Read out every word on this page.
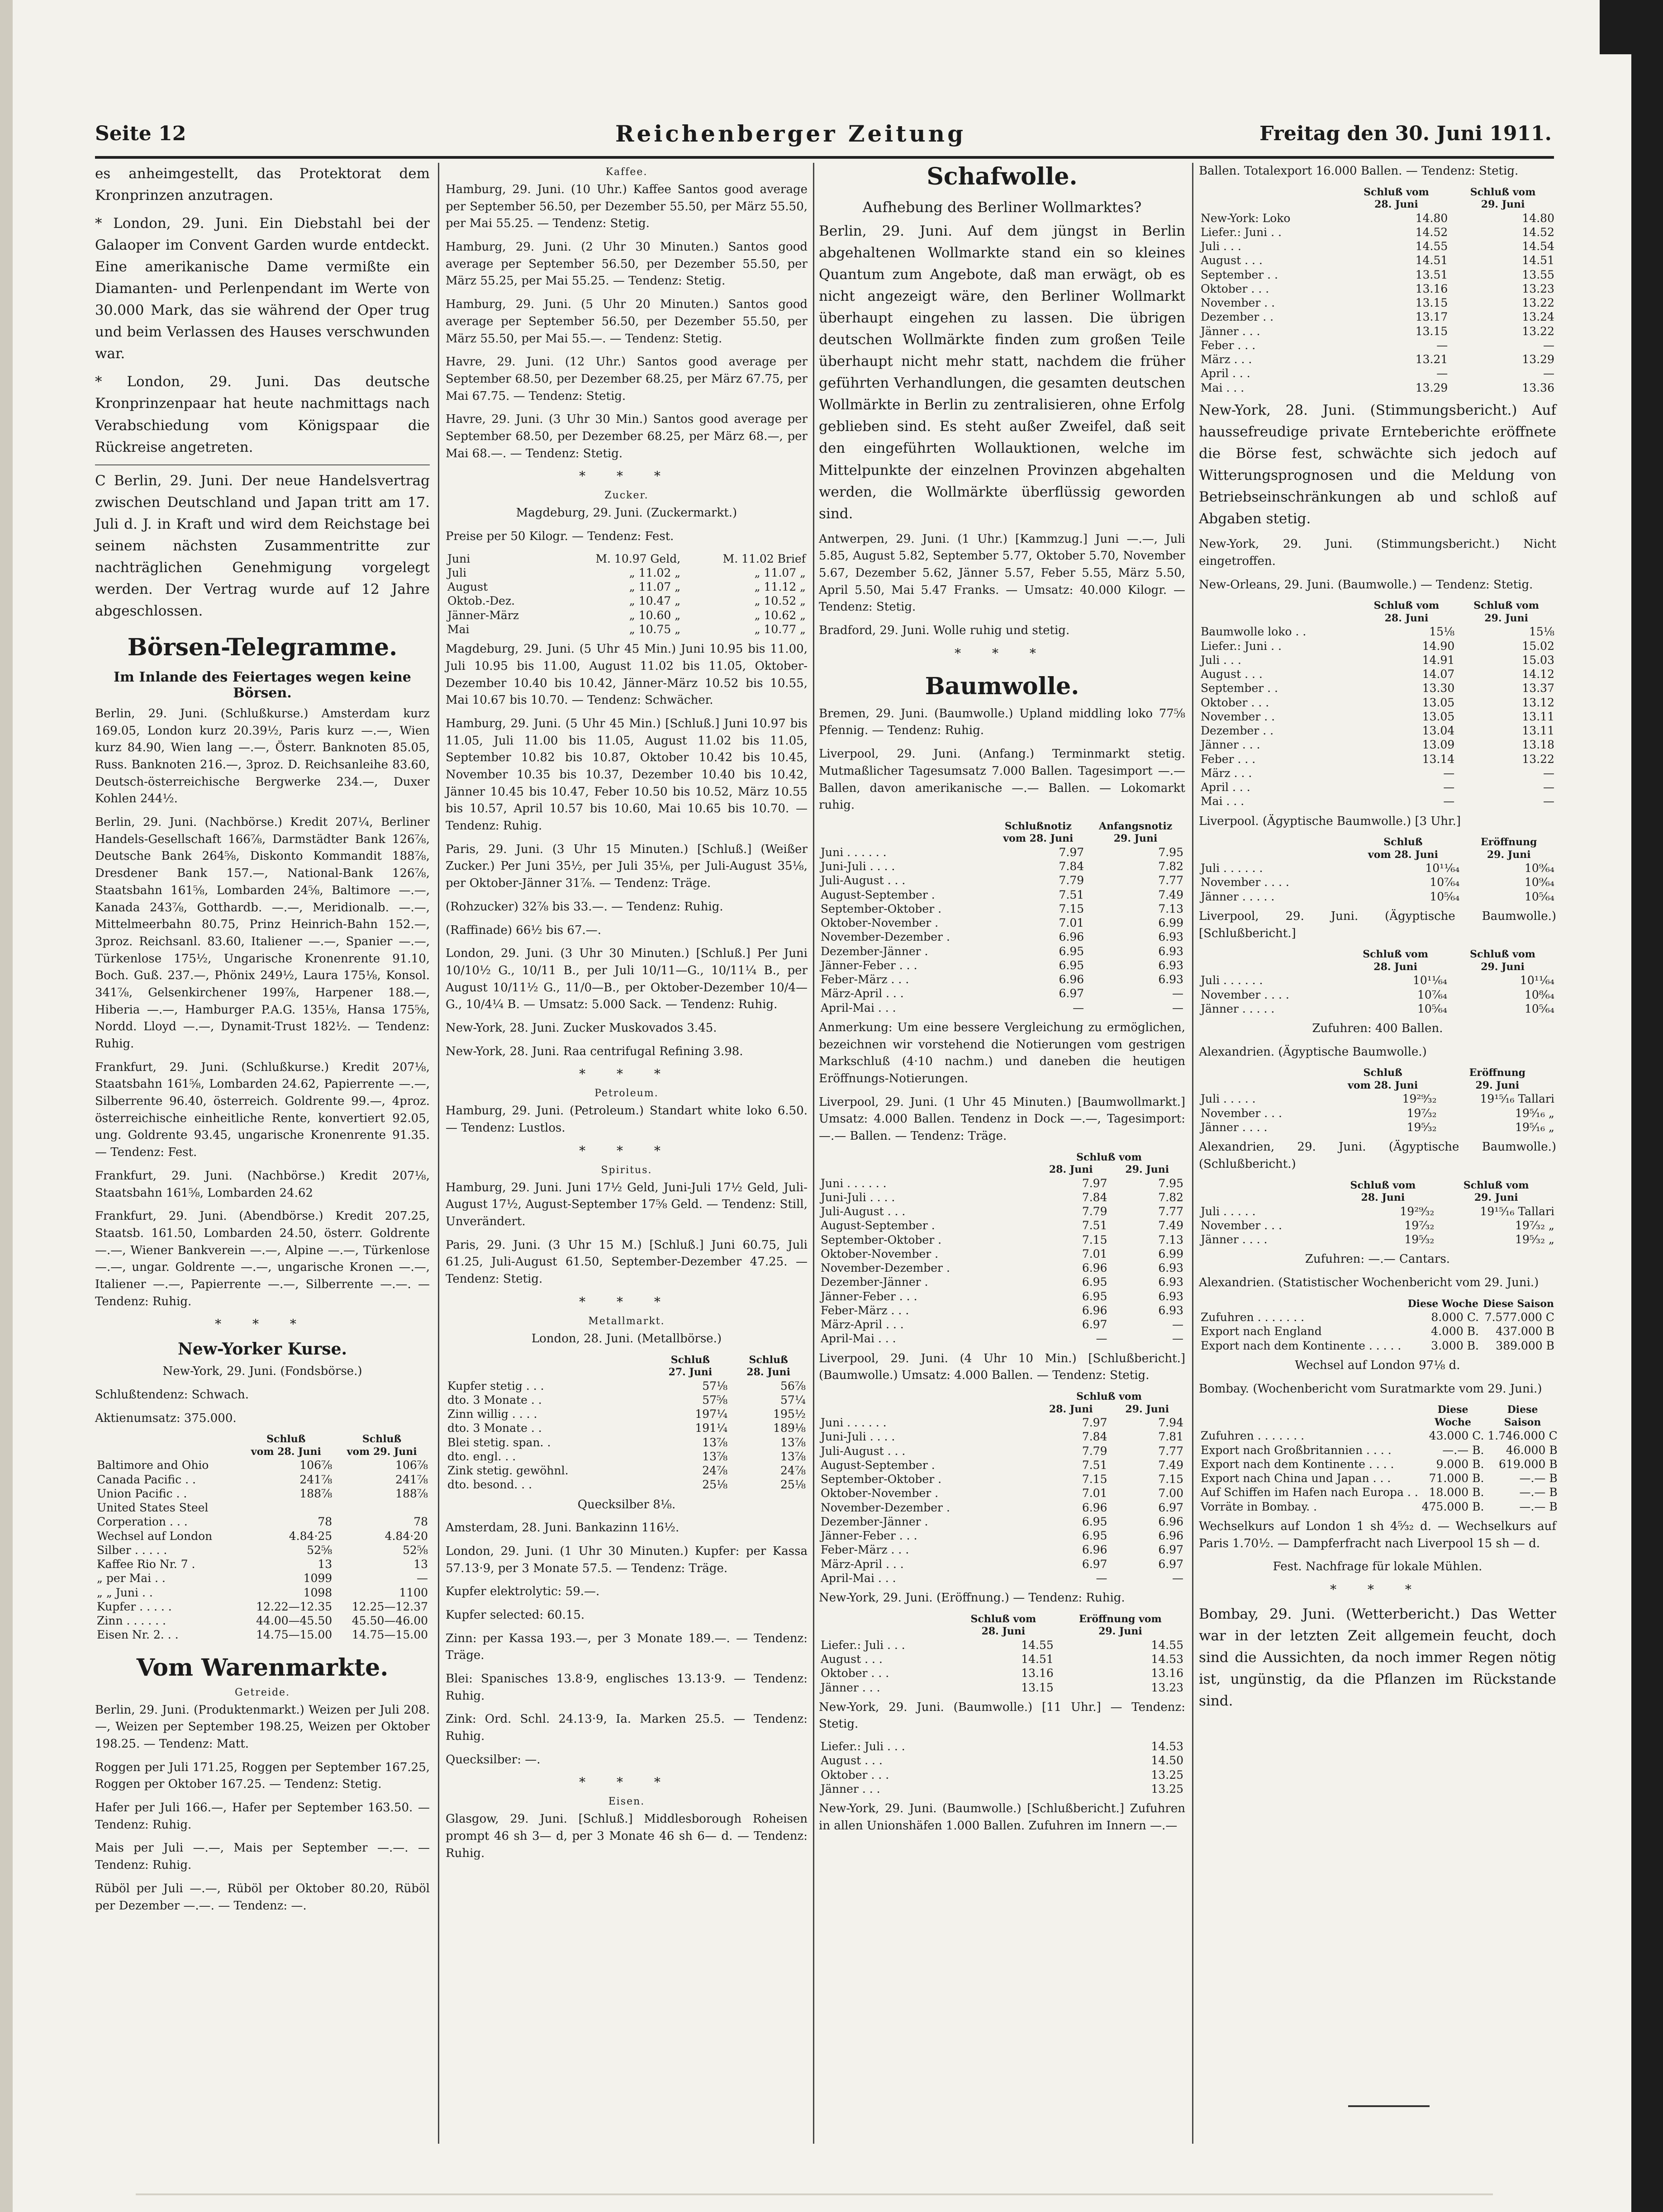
Seite 12	Reichenberger Zeitung	Freitag den 30. Juni 1911.

es anheimgestellt, das Protektorat dem Kronprinzen anzutragen.

* London, 29. Juni. Ein Diebstahl bei der Galaoper im Convent Garden wurde entdeckt. Eine amerikanische Dame vermißte ein Diamanten- und Perlenpendant im Werte von 30.000 Mark, das sie während der Oper trug und beim Verlassen des Hauses verschwunden war.

* London, 29. Juni. Das deutsche Kronprinzenpaar hat heute nachmittags nach Verabschiedung vom Königspaar die Rückreise angetreten.

C Berlin, 29. Juni. Der neue Handelsvertrag zwischen Deutschland und Japan tritt am 17. Juli d. J. in Kraft und wird dem Reichstage bei seinem nächsten Zusammentritte zur nachträglichen Genehmigung vorgelegt werden. Der Vertrag wurde auf 12 Jahre abgeschlossen.

Börsen-Telegramme.
Im Inlande des Feiertages wegen keine Börsen.

Berlin, 29. Juni. (Schlußkurse.) Amsterdam kurz 169.05, London kurz 20.39½, Paris kurz —.—, Wien kurz 84.90, Wien lang —.—, Österr. Banknoten 85.05, Russ. Banknoten 216.—, 3proz. D. Reichsanleihe 83.60, Deutsch-österreichische Bergwerke 234.—, Duxer Kohlen 244½.

Berlin, 29. Juni. (Nachbörse.) Kredit 207¼, Berliner Handels-Gesellschaft 166⅞, Darmstädter Bank 126⅞, Deutsche Bank 264⅝, Diskonto Kommandit 188⅞, Dresdener Bank 157.—, National-Bank 126⅞, Staatsbahn 161⅝, Lombarden 24⅝, Baltimore —.—, Kanada 243⅞, Gotthardb. —.—, Meridionalb. —.—, Mittelmeerbahn 80.75, Prinz Heinrich-Bahn 152.—, 3proz. Reichsanl. 83.60, Italiener —.—, Spanier —.—, Türkenlose 175½, Ungarische Kronenrente 91.10, Boch. Guß. 237.—, Phönix 249½, Laura 175⅛, Konsol. 341⅞, Gelsenkirchener 199⅞, Harpener 188.—, Hiberia —.—, Hamburger P.A.G. 135⅛, Hansa 175⅝, Nordd. Lloyd —.—, Dynamit-Trust 182½. — Tendenz: Ruhig.

Frankfurt, 29. Juni. (Schlußkurse.) Kredit 207⅛, Staatsbahn 161⅝, Lombarden 24.62, Papierrente —.—, Silberrente 96.40, österreich. Goldrente 99.—, 4proz. österreichische einheitliche Rente, konvertiert 92.05, ung. Goldrente 93.45, ungarische Kronenrente 91.35. — Tendenz: Fest.

Frankfurt, 29. Juni. (Nachbörse.) Kredit 207⅛, Staatsbahn 161⅝, Lombarden 24.62

Frankfurt, 29. Juni. (Abendbörse.) Kredit 207.25, Staatsb. 161.50, Lombarden 24.50, österr. Goldrente —.—, Wiener Bankverein —.—, Alpine —.—, Türkenlose —.—, ungar. Goldrente —.—, ungarische Kronen —.—, Italiener —.—, Papierrente —.—, Silberrente —.—. — Tendenz: Ruhig.

* * *
New-Yorker Kurse.

New-York, 29. Juni. (Fondsbörse.)

Schlußtendenz: Schwach.

Aktienumsatz: 375.000.

	Schluß	Schluß
	vom 28. Juni	vom 29. Juni
Baltimore and Ohio	106⅞	106⅞
Canada Pacific . .	241⅞	241⅞
Union Pacific . .	188⅞	188⅞
United States Steel		
Corperation . . .	78	78
Wechsel auf London	4.84·25	4.84·20
Silber . . . . .	52⅝	52⅝
Kaffee Rio Nr. 7 .	13	13
„ per Mai . .	1099	—
„ „ Juni . .	1098	1100
Kupfer . . . . .	12.22—12.35	12.25—12.37
Zinn . . . . . .	44.00—45.50	45.50—46.00
Eisen Nr. 2. . .	14.75—15.00	14.75—15.00
Vom Warenmarkte.
Getreide.

Berlin, 29. Juni. (Produktenmarkt.) Weizen per Juli 208.—, Weizen per September 198.25, Weizen per Oktober 198.25. — Tendenz: Matt.

Roggen per Juli 171.25, Roggen per September 167.25, Roggen per Oktober 167.25. — Tendenz: Stetig.

Hafer per Juli 166.—, Hafer per September 163.50. — Tendenz: Ruhig.

Mais per Juli —.—, Mais per September —.—. — Tendenz: Ruhig.

Rüböl per Juli —.—, Rüböl per Oktober 80.20, Rüböl per Dezember —.—. — Tendenz: —.

Kaffee.

Hamburg, 29. Juni. (10 Uhr.) Kaffee Santos good average per September 56.50, per Dezember 55.50, per März 55.50, per Mai 55.25. — Tendenz: Stetig.

Hamburg, 29. Juni. (2 Uhr 30 Minuten.) Santos good average per September 56.50, per Dezember 55.50, per März 55.25, per Mai 55.25. — Tendenz: Stetig.

Hamburg, 29. Juni. (5 Uhr 20 Minuten.) Santos good average per September 56.50, per Dezember 55.50, per März 55.50, per Mai 55.—. — Tendenz: Stetig.

Havre, 29. Juni. (12 Uhr.) Santos good average per September 68.50, per Dezember 68.25, per März 67.75, per Mai 67.75. — Tendenz: Stetig.

Havre, 29. Juni. (3 Uhr 30 Min.) Santos good average per September 68.50, per Dezember 68.25, per März 68.—, per Mai 68.—. — Tendenz: Stetig.

* * *
Zucker.

Magdeburg, 29. Juni. (Zuckermarkt.)

Preise per 50 Kilogr. — Tendenz: Fest.

Juni	M. 10.97 Geld,	M. 11.02 Brief
Juli	„ 11.02 „	„ 11.07 „
August	„ 11.07 „	„ 11.12 „
Oktob.-Dez.	„ 10.47 „	„ 10.52 „
Jänner-März	„ 10.60 „	„ 10.62 „
Mai	„ 10.75 „	„ 10.77 „

Magdeburg, 29. Juni. (5 Uhr 45 Min.) Juni 10.95 bis 11.00, Juli 10.95 bis 11.00, August 11.02 bis 11.05, Oktober-Dezember 10.40 bis 10.42, Jänner-März 10.52 bis 10.55, Mai 10.67 bis 10.70. — Tendenz: Schwächer.

Hamburg, 29. Juni. (5 Uhr 45 Min.) [Schluß.] Juni 10.97 bis 11.05, Juli 11.00 bis 11.05, August 11.02 bis 11.05, September 10.82 bis 10.87, Oktober 10.42 bis 10.45, November 10.35 bis 10.37, Dezember 10.40 bis 10.42, Jänner 10.45 bis 10.47, Feber 10.50 bis 10.52, März 10.55 bis 10.57, April 10.57 bis 10.60, Mai 10.65 bis 10.70. — Tendenz: Ruhig.

Paris, 29. Juni. (3 Uhr 15 Minuten.) [Schluß.] (Weißer Zucker.) Per Juni 35½, per Juli 35⅛, per Juli-August 35⅛, per Oktober-Jänner 31⅞. — Tendenz: Träge.

(Rohzucker) 32⅞ bis 33.—. — Tendenz: Ruhig.

(Raffinade) 66½ bis 67.—.

London, 29. Juni. (3 Uhr 30 Minuten.) [Schluß.] Per Juni 10/10½ G., 10/11 B., per Juli 10/11—G., 10/11¼ B., per August 10/11½ G., 11/0—B., per Oktober-Dezember 10/4—G., 10/4¼ B. — Umsatz: 5.000 Sack. — Tendenz: Ruhig.

New-York, 28. Juni. Zucker Muskovados 3.45.

New-York, 28. Juni. Raa centrifugal Refining 3.98.

* * *
Petroleum.

Hamburg, 29. Juni. (Petroleum.) Standart white loko 6.50. — Tendenz: Lustlos.

* * *
Spiritus.

Hamburg, 29. Juni. Juni 17½ Geld, Juni-Juli 17½ Geld, Juli-August 17½, August-September 17⅝ Geld. — Tendenz: Still, Unverändert.

Paris, 29. Juni. (3 Uhr 15 M.) [Schluß.] Juni 60.75, Juli 61.25, Juli-August 61.50, September-Dezember 47.25. — Tendenz: Stetig.

* * *
Metallmarkt.

London, 28. Juni. (Metallbörse.)

	Schluß	Schluß
	27. Juni	28. Juni
Kupfer stetig . . .	57⅛	56⅞
dto. 3 Monate . .	57⅝	57¼
Zinn willig . . . .	197¼	195½
dto. 3 Monate . .	191¼	189⅛
Blei stetig. span. .	13⅞	13⅞
dto. engl. . .	13⅞	13⅞
Zink stetig. gewöhnl.	24⅞	24⅞
dto. besond. . .	25⅛	25⅛

Quecksilber 8⅛.

Amsterdam, 28. Juni. Bankazinn 116½.

London, 29. Juni. (1 Uhr 30 Minuten.) Kupfer: per Kassa 57.13·9, per 3 Monate 57.5. — Tendenz: Träge.

Kupfer elektrolytic: 59.—.

Kupfer selected: 60.15.

Zinn: per Kassa 193.—, per 3 Monate 189.—. — Tendenz: Träge.

Blei: Spanisches 13.8·9, englisches 13.13·9. — Tendenz: Ruhig.

Zink: Ord. Schl. 24.13·9, Ia. Marken 25.5. — Tendenz: Ruhig.

Quecksilber: —.

* * *
Eisen.

Glasgow, 29. Juni. [Schluß.] Middlesborough Roheisen prompt 46 sh 3— d, per 3 Monate 46 sh 6— d. — Tendenz: Ruhig.

Schafwolle.
Aufhebung des Berliner Wollmarktes?

Berlin, 29. Juni. Auf dem jüngst in Berlin abgehaltenen Wollmarkte stand ein so kleines Quantum zum Angebote, daß man erwägt, ob es nicht angezeigt wäre, den Berliner Wollmarkt überhaupt eingehen zu lassen. Die übrigen deutschen Wollmärkte finden zum großen Teile überhaupt nicht mehr statt, nachdem die früher geführten Verhandlungen, die gesamten deutschen Wollmärkte in Berlin zu zentralisieren, ohne Erfolg geblieben sind. Es steht außer Zweifel, daß seit den eingeführten Wollauktionen, welche im Mittelpunkte der einzelnen Provinzen abgehalten werden, die Wollmärkte überflüssig geworden sind.

Antwerpen, 29. Juni. (1 Uhr.) [Kammzug.] Juni —.—, Juli 5.85, August 5.82, September 5.77, Oktober 5.70, November 5.67, Dezember 5.62, Jänner 5.57, Feber 5.55, März 5.50, April 5.50, Mai 5.47 Franks. — Umsatz: 40.000 Kilogr. — Tendenz: Stetig.

Bradford, 29. Juni. Wolle ruhig und stetig.

* * *
Baumwolle.

Bremen, 29. Juni. (Baumwolle.) Upland middling loko 77⅝ Pfennig. — Tendenz: Ruhig.

Liverpool, 29. Juni. (Anfang.) Terminmarkt stetig. Mutmaßlicher Tagesumsatz 7.000 Ballen. Tagesimport —.— Ballen, davon amerikanische —.— Ballen. — Lokomarkt ruhig.

	Schlußnotiz	Anfangsnotiz
	vom 28. Juni	29. Juni
Juni . . . . . .	7.97	7.95
Juni-Juli . . . .	7.84	7.82
Juli-August . . .	7.79	7.77
August-September .	7.51	7.49
September-Oktober .	7.15	7.13
Oktober-November .	7.01	6.99
November-Dezember .	6.96	6.93
Dezember-Jänner .	6.95	6.93
Jänner-Feber . . .	6.95	6.93
Feber-März . . .	6.96	6.93
März-April . . .	6.97	—
April-Mai . . .	—	—

Anmerkung: Um eine bessere Vergleichung zu ermöglichen, bezeichnen wir vorstehend die Notierungen vom gestrigen Markschluß (4·10 nachm.) und daneben die heutigen Eröffnungs-Notierungen.

Liverpool, 29. Juni. (1 Uhr 45 Minuten.) [Baumwollmarkt.] Umsatz: 4.000 Ballen. Tendenz in Dock —.—, Tagesimport: —.— Ballen. — Tendenz: Träge.

	Schluß vom	
	28. Juni	29. Juni
Juni . . . . . .	7.97	7.95
Juni-Juli . . . .	7.84	7.82
Juli-August . . .	7.79	7.77
August-September .	7.51	7.49
September-Oktober .	7.15	7.13
Oktober-November .	7.01	6.99
November-Dezember .	6.96	6.93
Dezember-Jänner .	6.95	6.93
Jänner-Feber . . .	6.95	6.93
Feber-März . . .	6.96	6.93
März-April . . .	6.97	—
April-Mai . . .	—	—

Liverpool, 29. Juni. (4 Uhr 10 Min.) [Schlußbericht.] (Baumwolle.) Umsatz: 4.000 Ballen. — Tendenz: Stetig.

	Schluß vom	
	28. Juni	29. Juni
Juni . . . . . .	7.97	7.94
Juni-Juli . . . .	7.84	7.81
Juli-August . . .	7.79	7.77
August-September .	7.51	7.49
September-Oktober .	7.15	7.15
Oktober-November .	7.01	7.00
November-Dezember .	6.96	6.97
Dezember-Jänner .	6.95	6.96
Jänner-Feber . . .	6.95	6.96
Feber-März . . .	6.96	6.97
März-April . . .	6.97	6.97
April-Mai . . .	—	—

New-York, 29. Juni. (Eröffnung.) — Tendenz: Ruhig.

	Schluß vom	Eröffnung vom
	28. Juni	29. Juni
Liefer.: Juli . . .	14.55	14.55
August . . .	14.51	14.53
Oktober . . .	13.16	13.16
Jänner . . .	13.15	13.23

New-York, 29. Juni. (Baumwolle.) [11 Uhr.] — Tendenz: Stetig.

Liefer.: Juli . . .	14.53
August . . .	14.50
Oktober . . .	13.25
Jänner . . .	13.25

New-York, 29. Juni. (Baumwolle.) [Schlußbericht.] Zufuhren in allen Unionshäfen 1.000 Ballen. Zufuhren im Innern —.—

Ballen. Totalexport 16.000 Ballen. — Tendenz: Stetig.

	Schluß vom	Schluß vom
	28. Juni	29. Juni
New-York: Loko	14.80	14.80
Liefer.: Juni . .	14.52	14.52
Juli . . .	14.55	14.54
August . . .	14.51	14.51
September . .	13.51	13.55
Oktober . . .	13.16	13.23
November . .	13.15	13.22
Dezember . .	13.17	13.24
Jänner . . .	13.15	13.22
Feber . . .	—	—
März . . .	13.21	13.29
April . . .	—	—
Mai . . .	13.29	13.36

New-York, 28. Juni. (Stimmungsbericht.) Auf haussefreudige private Ernteberichte eröffnete die Börse fest, schwächte sich jedoch auf Witterungsprognosen und die Meldung von Betriebseinschränkungen ab und schloß auf Abgaben stetig.

New-York, 29. Juni. (Stimmungsbericht.) Nicht eingetroffen.

New-Orleans, 29. Juni. (Baumwolle.) — Tendenz: Stetig.

	Schluß vom	Schluß vom
	28. Juni	29. Juni
Baumwolle loko . .	15⅛	15⅛
Liefer.: Juni . .	14.90	15.02
Juli . . .	14.91	15.03
August . . .	14.07	14.12
September . .	13.30	13.37
Oktober . . .	13.05	13.12
November . .	13.05	13.11
Dezember . .	13.04	13.11
Jänner . . .	13.09	13.18
Feber . . .	13.14	13.22
März . . .	—	—
April . . .	—	—
Mai . . .	—	—

Liverpool. (Ägyptische Baumwolle.) [3 Uhr.]

	Schluß	Eröffnung
	vom 28. Juni	29. Juni
Juli . . . . . .	10¹¹⁄₆₄	10⁹⁄₆₄
November . . . .	10⁷⁄₆₄	10⁹⁄₆₄
Jänner . . . . .	10⁵⁄₆₄	10⁵⁄₆₄

Liverpool, 29. Juni. (Ägyptische Baumwolle.) [Schlußbericht.]

	Schluß vom	Schluß vom
	28. Juni	29. Juni
Juli . . . . . .	10¹¹⁄₆₄	10¹¹⁄₆₄
November . . . .	10⁷⁄₆₄	10⁸⁄₆₄
Jänner . . . . .	10⁵⁄₆₄	10⁵⁄₆₄

Zufuhren: 400 Ballen.

Alexandrien. (Ägyptische Baumwolle.)

	Schluß	Eröffnung
	vom 28. Juni	29. Juni
Juli . . . . .	19²⁹⁄₃₂	19¹⁵⁄₁₆ Tallari
November . . .	19⁷⁄₃₂	19⁵⁄₁₆ „
Jänner . . . .	19⁵⁄₃₂	19⁵⁄₁₆ „

Alexandrien, 29. Juni. (Ägyptische Baumwolle.) (Schlußbericht.)

	Schluß vom	Schluß vom
	28. Juni	29. Juni
Juli . . . . .	19²⁹⁄₃₂	19¹⁵⁄₁₆ Tallari
November . . .	19⁷⁄₃₂	19⁷⁄₃₂ „
Jänner . . . .	19⁵⁄₃₂	19⁵⁄₃₂ „

Zufuhren: —.— Cantars.

Alexandrien. (Statistischer Wochenbericht vom 29. Juni.)

	Diese Woche	Diese Saison
Zufuhren . . . . . . .	8.000 C.	7.577.000 C
Export nach England	4.000 B.	437.000 B
Export nach dem Kontinente . . . . .	3.000 B.	389.000 B

Wechsel auf London 97⅛ d.

Bombay. (Wochenbericht vom Suratmarkte vom 29. Juni.)

	Diese Woche	Diese Saison
Zufuhren . . . . . . .	43.000 C.	1.746.000 C
Export nach Großbritannien . . . .	—.— B.	46.000 B
Export nach dem Kontinente . . . .	9.000 B.	619.000 B
Export nach China und Japan . . .	71.000 B.	—.— B
Auf Schiffen im Hafen nach Europa . .	18.000 B.	—.— B
Vorräte in Bombay. .	475.000 B.	—.— B

Wechselkurs auf London 1 sh 4⁵⁄₃₂ d. — Wechselkurs auf Paris 1.70½. — Dampferfracht nach Liverpool 15 sh — d.

Fest. Nachfrage für lokale Mühlen.

* * *

Bombay, 29. Juni. (Wetterbericht.) Das Wetter war in der letzten Zeit allgemein feucht, doch sind die Aussichten, da noch immer Regen nötig ist, ungünstig, da die Pflanzen im Rückstande sind.
